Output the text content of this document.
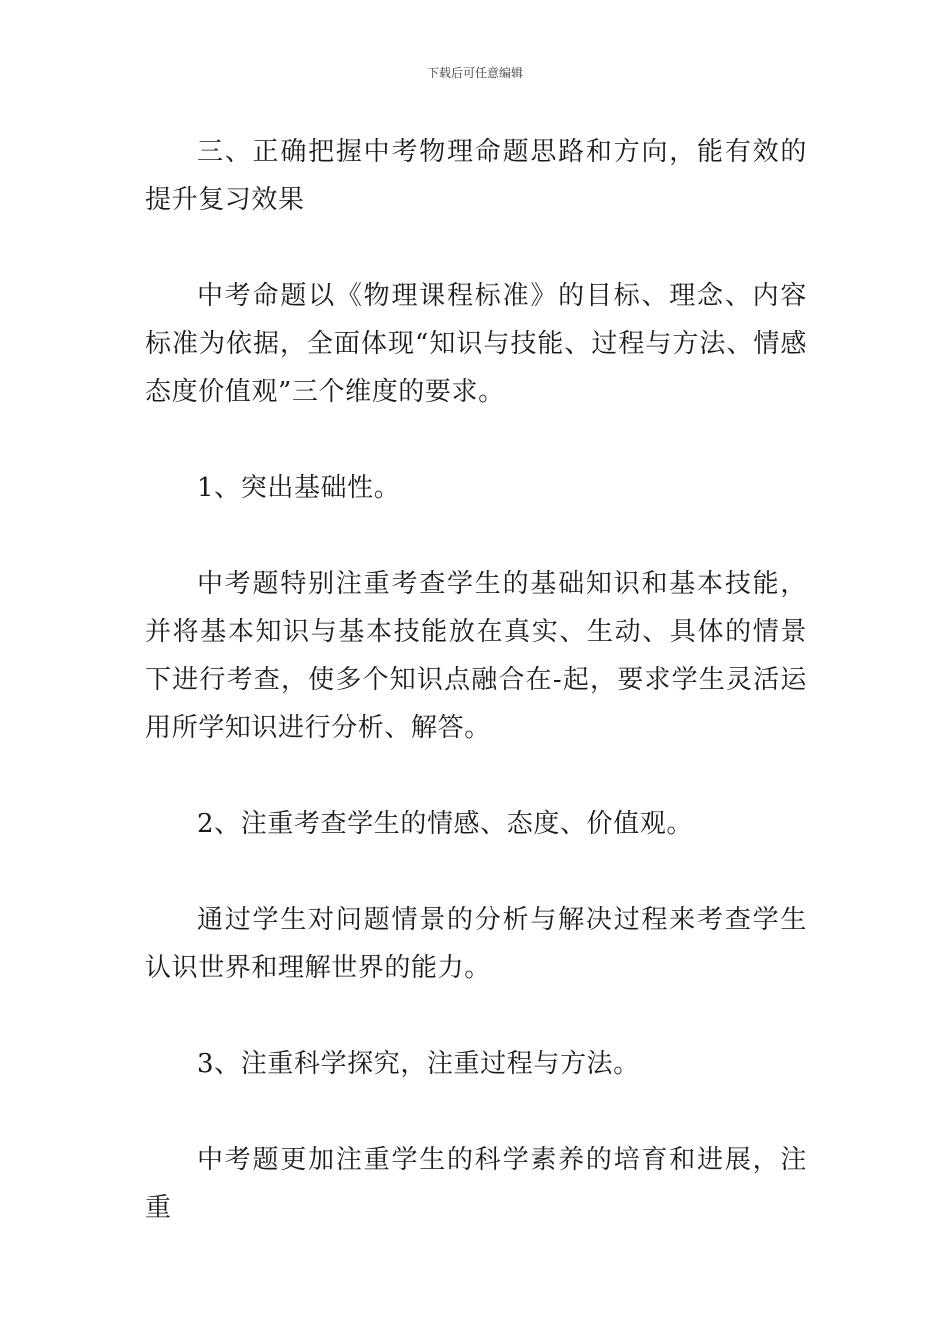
下载后可任意编辑

三、正确把握中考物理命题思路和方向，能有效的提升复习效果

中考命题以《物理课程标准》的目标、理念、内容标准为依据，全面体现“知识与技能、过程与方法、情感态度价值观”三个维度的要求。

1、突出基础性。

中考题特别注重考查学生的基础知识和基本技能，并将基本知识与基本技能放在真实、生动、具体的情景下进行考查，使多个知识点融合在-起，要求学生灵活运用所学知识进行分析、解答。

2、注重考查学生的情感、态度、价值观。

通过学生对问题情景的分析与解决过程来考查学生认识世界和理解世界的能力。

3、注重科学探究，注重过程与方法。

中考题更加注重学生的科学素养的培育和进展，注重
